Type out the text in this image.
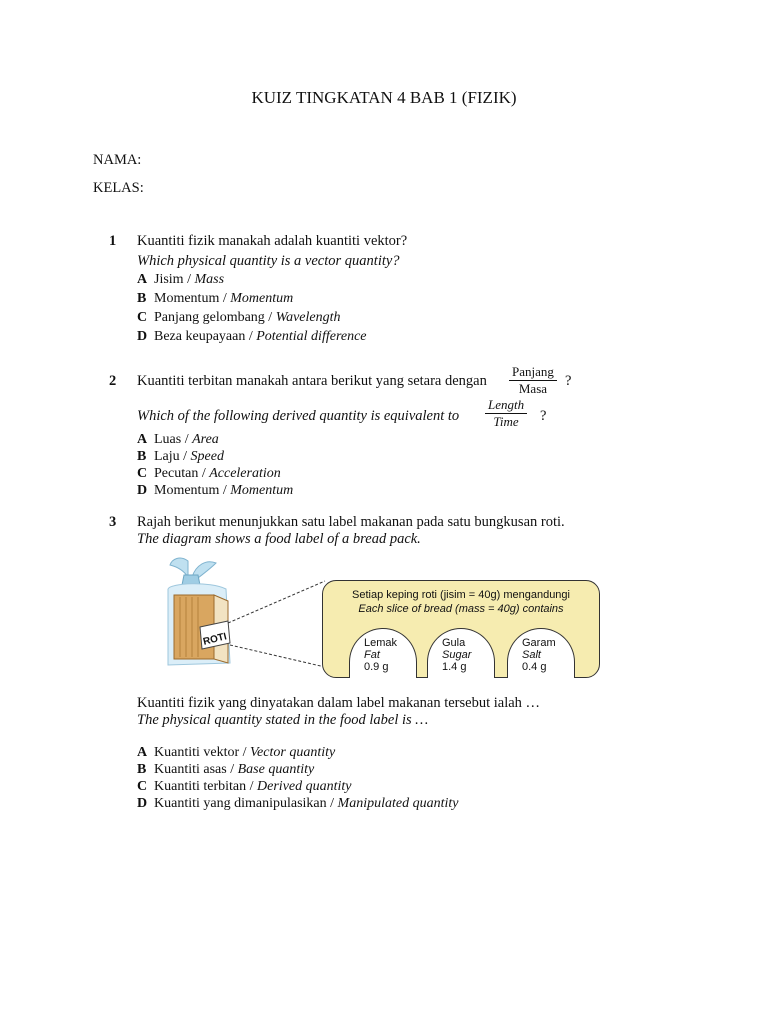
KUIZ TINGKATAN 4 BAB 1 (FIZIK)
NAMA:
KELAS:
1 Kuantiti fizik manakah adalah kuantiti vektor?
Which physical quantity is a vector quantity?
A Jisim / Mass
B Momentum / Momentum
C Panjang gelombang / Wavelength
D Beza keupayaan / Potential difference
2 Kuantiti terbitan manakah antara berikut yang setara dengan
Panjang
Masa	?
Which of the following derived quantity is equivalent to
Length
Time	?
A Luas / Area
B Laju / Speed
C Pecutan / Acceleration
D Momentum / Momentum
3 Rajah berikut menunjukkan satu label makanan pada satu bungkusan roti.
The diagram shows a food label of a bread pack.
ROTI
Setiap keping roti (jisim = 40g) mengandungi
Each slice of bread (mass = 40g) contains
Lemak
Fat
0.9 g
Gula
Sugar
1.4 g
Garam
Salt
0.4 g
Kuantiti fizik yang dinyatakan dalam label makanan tersebut ialah …
The physical quantity stated in the food label is …
A Kuantiti vektor / Vector quantity
B Kuantiti asas / Base quantity
C Kuantiti terbitan / Derived quantity
D Kuantiti yang dimanipulasikan / Manipulated quantity
